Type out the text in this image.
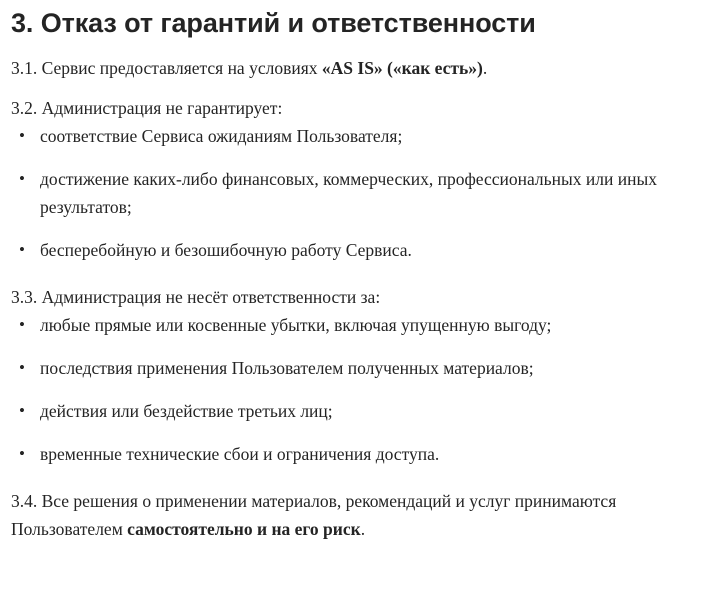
3. Отказ от гарантий и ответственности

3.1. Сервис предоставляется на условиях «AS IS» («как есть»).

3.2. Администрация не гарантирует:

• соответствие Сервиса ожиданиям Пользователя;
• достижение каких-либо финансовых, коммерческих, профессиональных или иных результатов;
• бесперебойную и безошибочную работу Сервиса.

3.3. Администрация не несёт ответственности за:

• любые прямые или косвенные убытки, включая упущенную выгоду;
• последствия применения Пользователем полученных материалов;
• действия или бездействие третьих лиц;
• временные технические сбои и ограничения доступа.

3.4. Все решения о применении материалов, рекомендаций и услуг принимаются Пользователем самостоятельно и на его риск.
